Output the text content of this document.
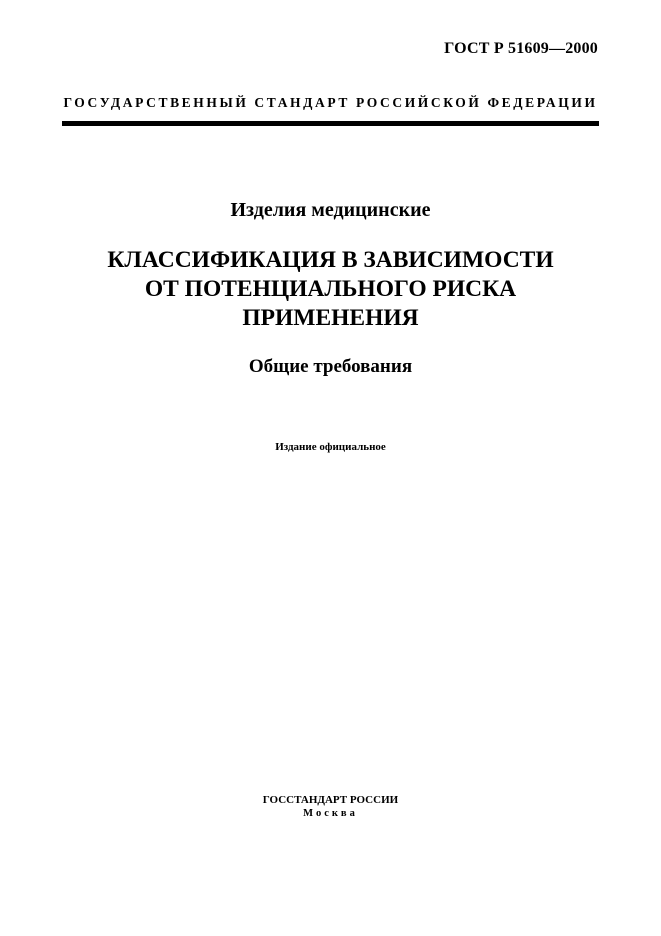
ГОСТ Р 51609—2000
ГОСУДАРСТВЕННЫЙ СТАНДАРТ РОССИЙСКОЙ ФЕДЕРАЦИИ
Изделия медицинские
КЛАССИФИКАЦИЯ В ЗАВИСИМОСТИ
ОТ ПОТЕНЦИАЛЬНОГО РИСКА
ПРИМЕНЕНИЯ
Общие требования
Издание официальное
ГОССТАНДАРТ РОССИИ
Москва
